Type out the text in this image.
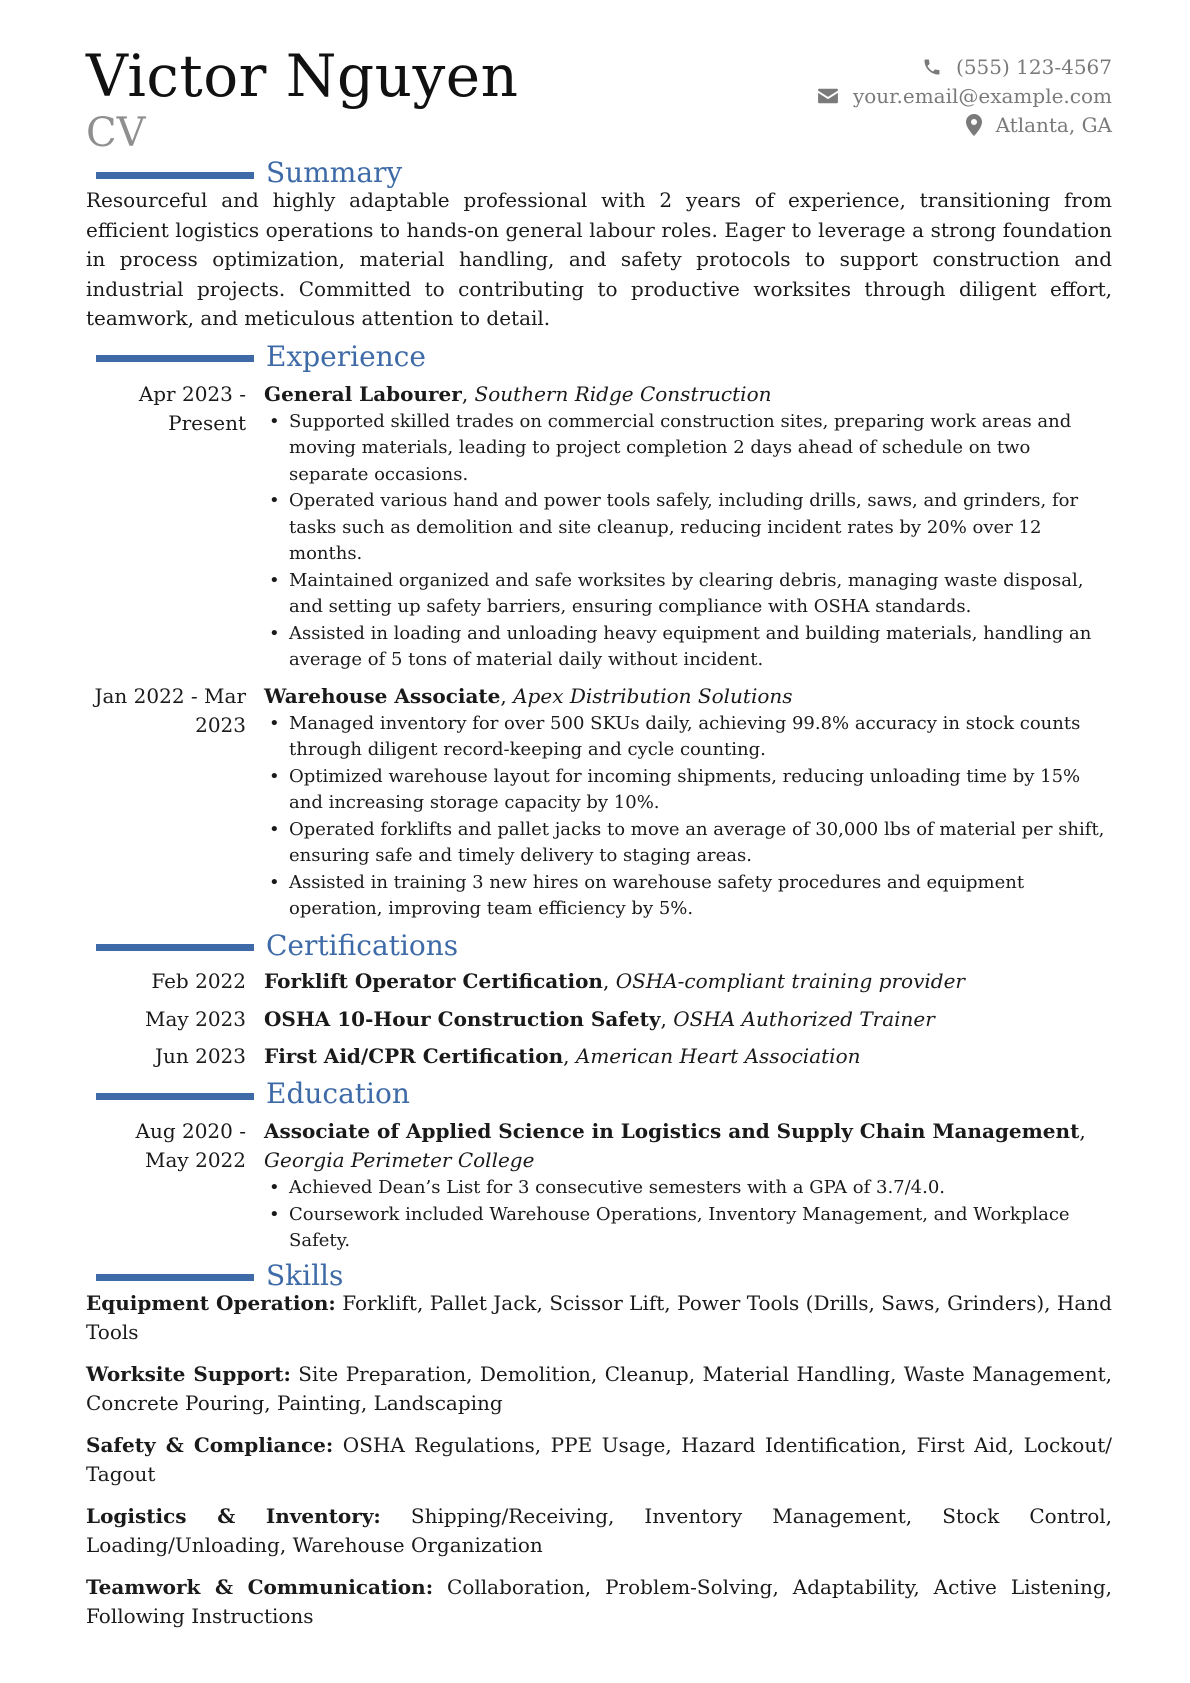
Victor Nguyen
CV
(555) 123-4567
your.email@example.com
Atlanta, GA
Summary

Resourceful and highly adaptable professional with 2 years of experience, transitioning from efficient logistics operations to hands-on general labour roles. Eager to leverage a strong foundation in process optimization, material handling, and safety protocols to support construction and industrial projects. Committed to contributing to productive worksites through diligent effort, teamwork, and meticulous attention to detail.

Experience
Apr 2023 -
Present
General Labourer, Southern Ridge Construction
• Supported skilled trades on commercial construction sites, preparing work areas and moving materials, leading to project completion 2 days ahead of schedule on two separate occasions.
• Operated various hand and power tools safely, including drills, saws, and grinders, for tasks such as demolition and site cleanup, reducing incident rates by 20% over 12 months.
• Maintained organized and safe worksites by clearing debris, managing waste disposal, and setting up safety barriers, ensuring compliance with OSHA standards.
• Assisted in loading and unloading heavy equipment and building materials, handling an average of 5 tons of material daily without incident.
Jan 2022 - Mar
2023
Warehouse Associate, Apex Distribution Solutions
• Managed inventory for over 500 SKUs daily, achieving 99.8% accuracy in stock counts through diligent record-keeping and cycle counting.
• Optimized warehouse layout for incoming shipments, reducing unloading time by 15% and increasing storage capacity by 10%.
• Operated forklifts and pallet jacks to move an average of 30,000 lbs of material per shift, ensuring safe and timely delivery to staging areas.
• Assisted in training 3 new hires on warehouse safety procedures and equipment operation, improving team efficiency by 5%.
Certifications
Feb 2022 Forklift Operator Certification, OSHA-compliant training provider
May 2023 OSHA 10-Hour Construction Safety, OSHA Authorized Trainer
Jun 2023 First Aid/CPR Certification, American Heart Association
Education
Aug 2020 -
May 2022
Associate of Applied Science in Logistics and Supply Chain Management,
Georgia Perimeter College
• Achieved Dean’s List for 3 consecutive semesters with a GPA of 3.7/4.0.
• Coursework included Warehouse Operations, Inventory Management, and Workplace Safety.
Skills

Equipment Operation: Forklift, Pallet Jack, Scissor Lift, Power Tools (Drills, Saws, Grinders), Hand Tools

Worksite Support: Site Preparation, Demolition, Cleanup, Material Handling, Waste Management, Concrete Pouring, Painting, Landscaping

Safety & Compliance: OSHA Regulations, PPE Usage, Hazard Identification, First Aid, Lockout/ Tagout

Logistics & Inventory: Shipping/Receiving, Inventory Management, Stock Control, Loading/Unloading, Warehouse Organization

Teamwork & Communication: Collaboration, Problem-Solving, Adaptability, Active Listening, Following Instructions
